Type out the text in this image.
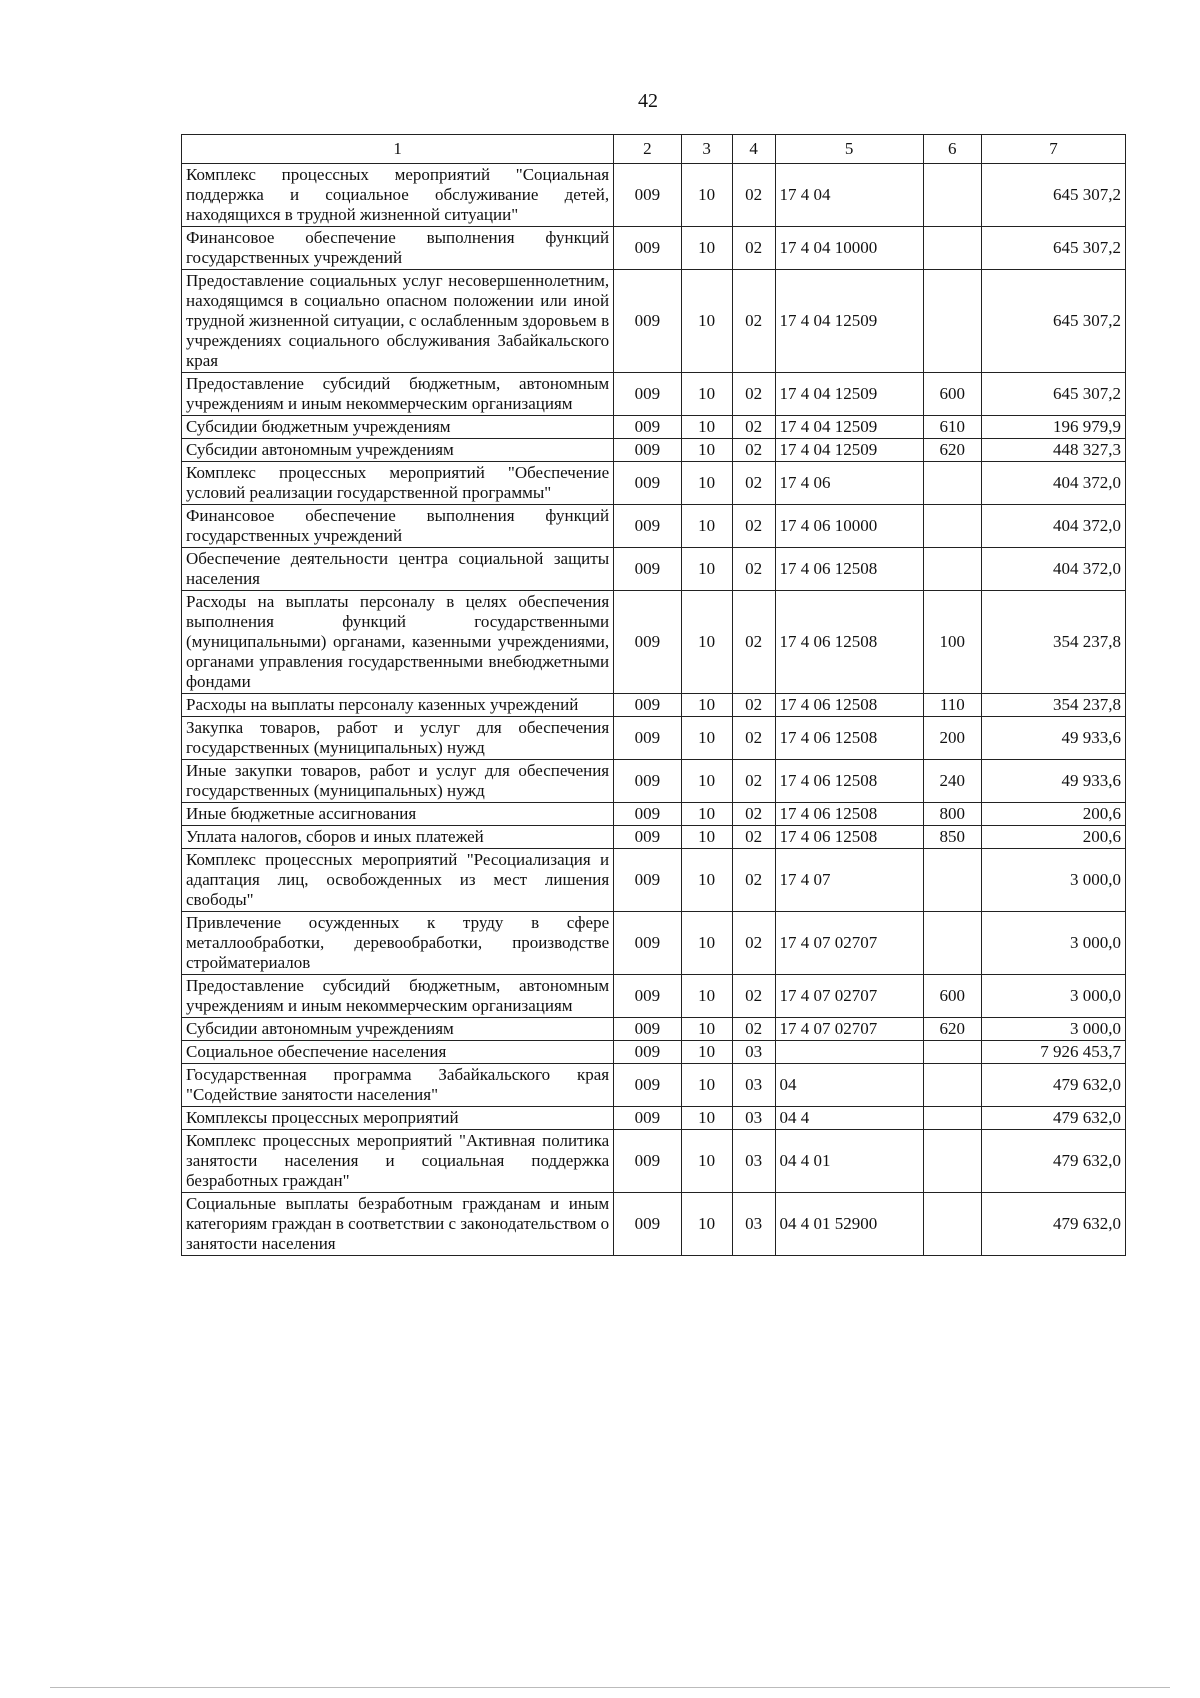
42
1	2	3	4	5	6	7
Комплекс процессных мероприятий "Социальная поддержка и социальное обслуживание детей, находящихся в трудной жизненной ситуации"	009	10	02	17 4 04		645 307,2
Финансовое обеспечение выполнения функций государственных учреждений	009	10	02	17 4 04 10000		645 307,2
Предоставление социальных услуг несовершеннолетним, находящимся в социально опасном положении или иной трудной жизненной ситуации, с ослабленным здоровьем в учреждениях социального обслуживания Забайкальского края	009	10	02	17 4 04 12509		645 307,2
Предоставление субсидий бюджетным, автономным учреждениям и иным некоммерческим организациям	009	10	02	17 4 04 12509	600	645 307,2
Субсидии бюджетным учреждениям	009	10	02	17 4 04 12509	610	196 979,9
Субсидии автономным учреждениям	009	10	02	17 4 04 12509	620	448 327,3
Комплекс процессных мероприятий "Обеспечение условий реализации государственной программы"	009	10	02	17 4 06		404 372,0
Финансовое обеспечение выполнения функций государственных учреждений	009	10	02	17 4 06 10000		404 372,0
Обеспечение деятельности центра социальной защиты населения	009	10	02	17 4 06 12508		404 372,0
Расходы на выплаты персоналу в целях обеспечения выполнения функций государственными (муниципальными) органами, казенными учреждениями, органами управления государственными внебюджетными фондами	009	10	02	17 4 06 12508	100	354 237,8
Расходы на выплаты персоналу казенных учреждений	009	10	02	17 4 06 12508	110	354 237,8
Закупка товаров, работ и услуг для обеспечения государственных (муниципальных) нужд	009	10	02	17 4 06 12508	200	49 933,6
Иные закупки товаров, работ и услуг для обеспечения государственных (муниципальных) нужд	009	10	02	17 4 06 12508	240	49 933,6
Иные бюджетные ассигнования	009	10	02	17 4 06 12508	800	200,6
Уплата налогов, сборов и иных платежей	009	10	02	17 4 06 12508	850	200,6
Комплекс процессных мероприятий "Ресоциализация и адаптация лиц, освобожденных из мест лишения свободы"	009	10	02	17 4 07		3 000,0
Привлечение осужденных к труду в сфере металлообработки, деревообработки, производстве стройматериалов	009	10	02	17 4 07 02707		3 000,0
Предоставление субсидий бюджетным, автономным учреждениям и иным некоммерческим организациям	009	10	02	17 4 07 02707	600	3 000,0
Субсидии автономным учреждениям	009	10	02	17 4 07 02707	620	3 000,0
Социальное обеспечение населения	009	10	03			7 926 453,7
Государственная программа Забайкальского края "Содействие занятости населения"	009	10	03	04		479 632,0
Комплексы процессных мероприятий	009	10	03	04 4		479 632,0
Комплекс процессных мероприятий "Активная политика занятости населения и социальная поддержка безработных граждан"	009	10	03	04 4 01		479 632,0
Социальные выплаты безработным гражданам и иным категориям граждан в соответствии с законодательством о занятости населения	009	10	03	04 4 01 52900		479 632,0
